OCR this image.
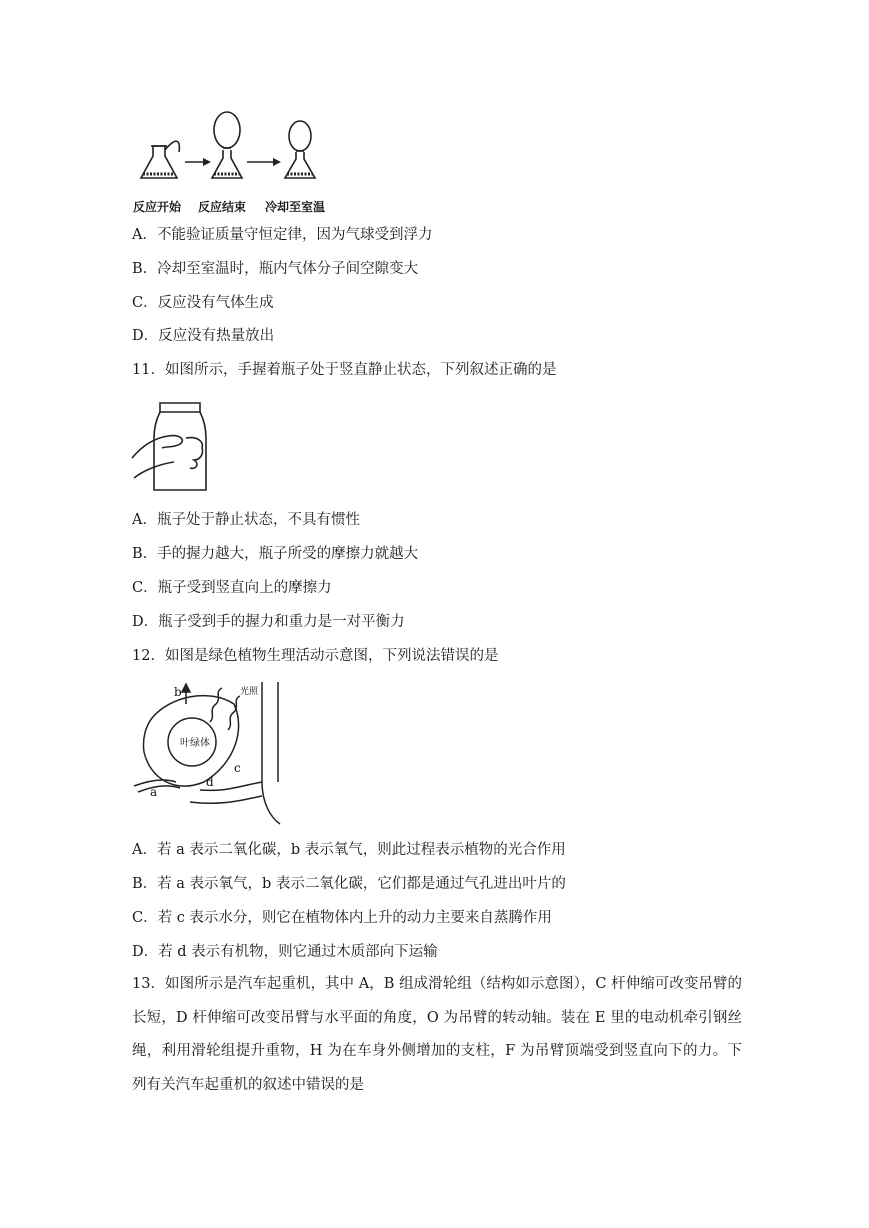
反应开始 反应结束 冷却至室温
A．不能验证质量守恒定律，因为气球受到浮力
B．冷却至室温时，瓶内气体分子间空隙变大
C．反应没有气体生成
D．反应没有热量放出
11．如图所示，手握着瓶子处于竖直静止状态，下列叙述正确的是
A．瓶子处于静止状态，不具有惯性
B．手的握力越大，瓶子所受的摩擦力就越大
C．瓶子受到竖直向上的摩擦力
D．瓶子受到手的握力和重力是一对平衡力
12．如图是绿色植物生理活动示意图，下列说法错误的是
叶绿体
光照
b
a
c
d
A．若 a 表示二氧化碳，b 表示氧气，则此过程表示植物的光合作用
B．若 a 表示氧气，b 表示二氧化碳，它们都是通过气孔进出叶片的
C．若 c 表示水分，则它在植物体内上升的动力主要来自蒸腾作用
D．若 d 表示有机物，则它通过木质部向下运输
13．如图所示是汽车起重机，其中 A，B 组成滑轮组（结构如示意图），C 杆伸缩可改变吊臂的长短，D 杆伸缩可改变吊臂与水平面的角度，O 为吊臂的转动轴。装在 E 里的电动机牵引钢丝绳，利用滑轮组提升重物，H 为在车身外侧增加的支柱，F 为吊臂顶端受到竖直向下的力。下列有关汽车起重机的叙述中错误的是
